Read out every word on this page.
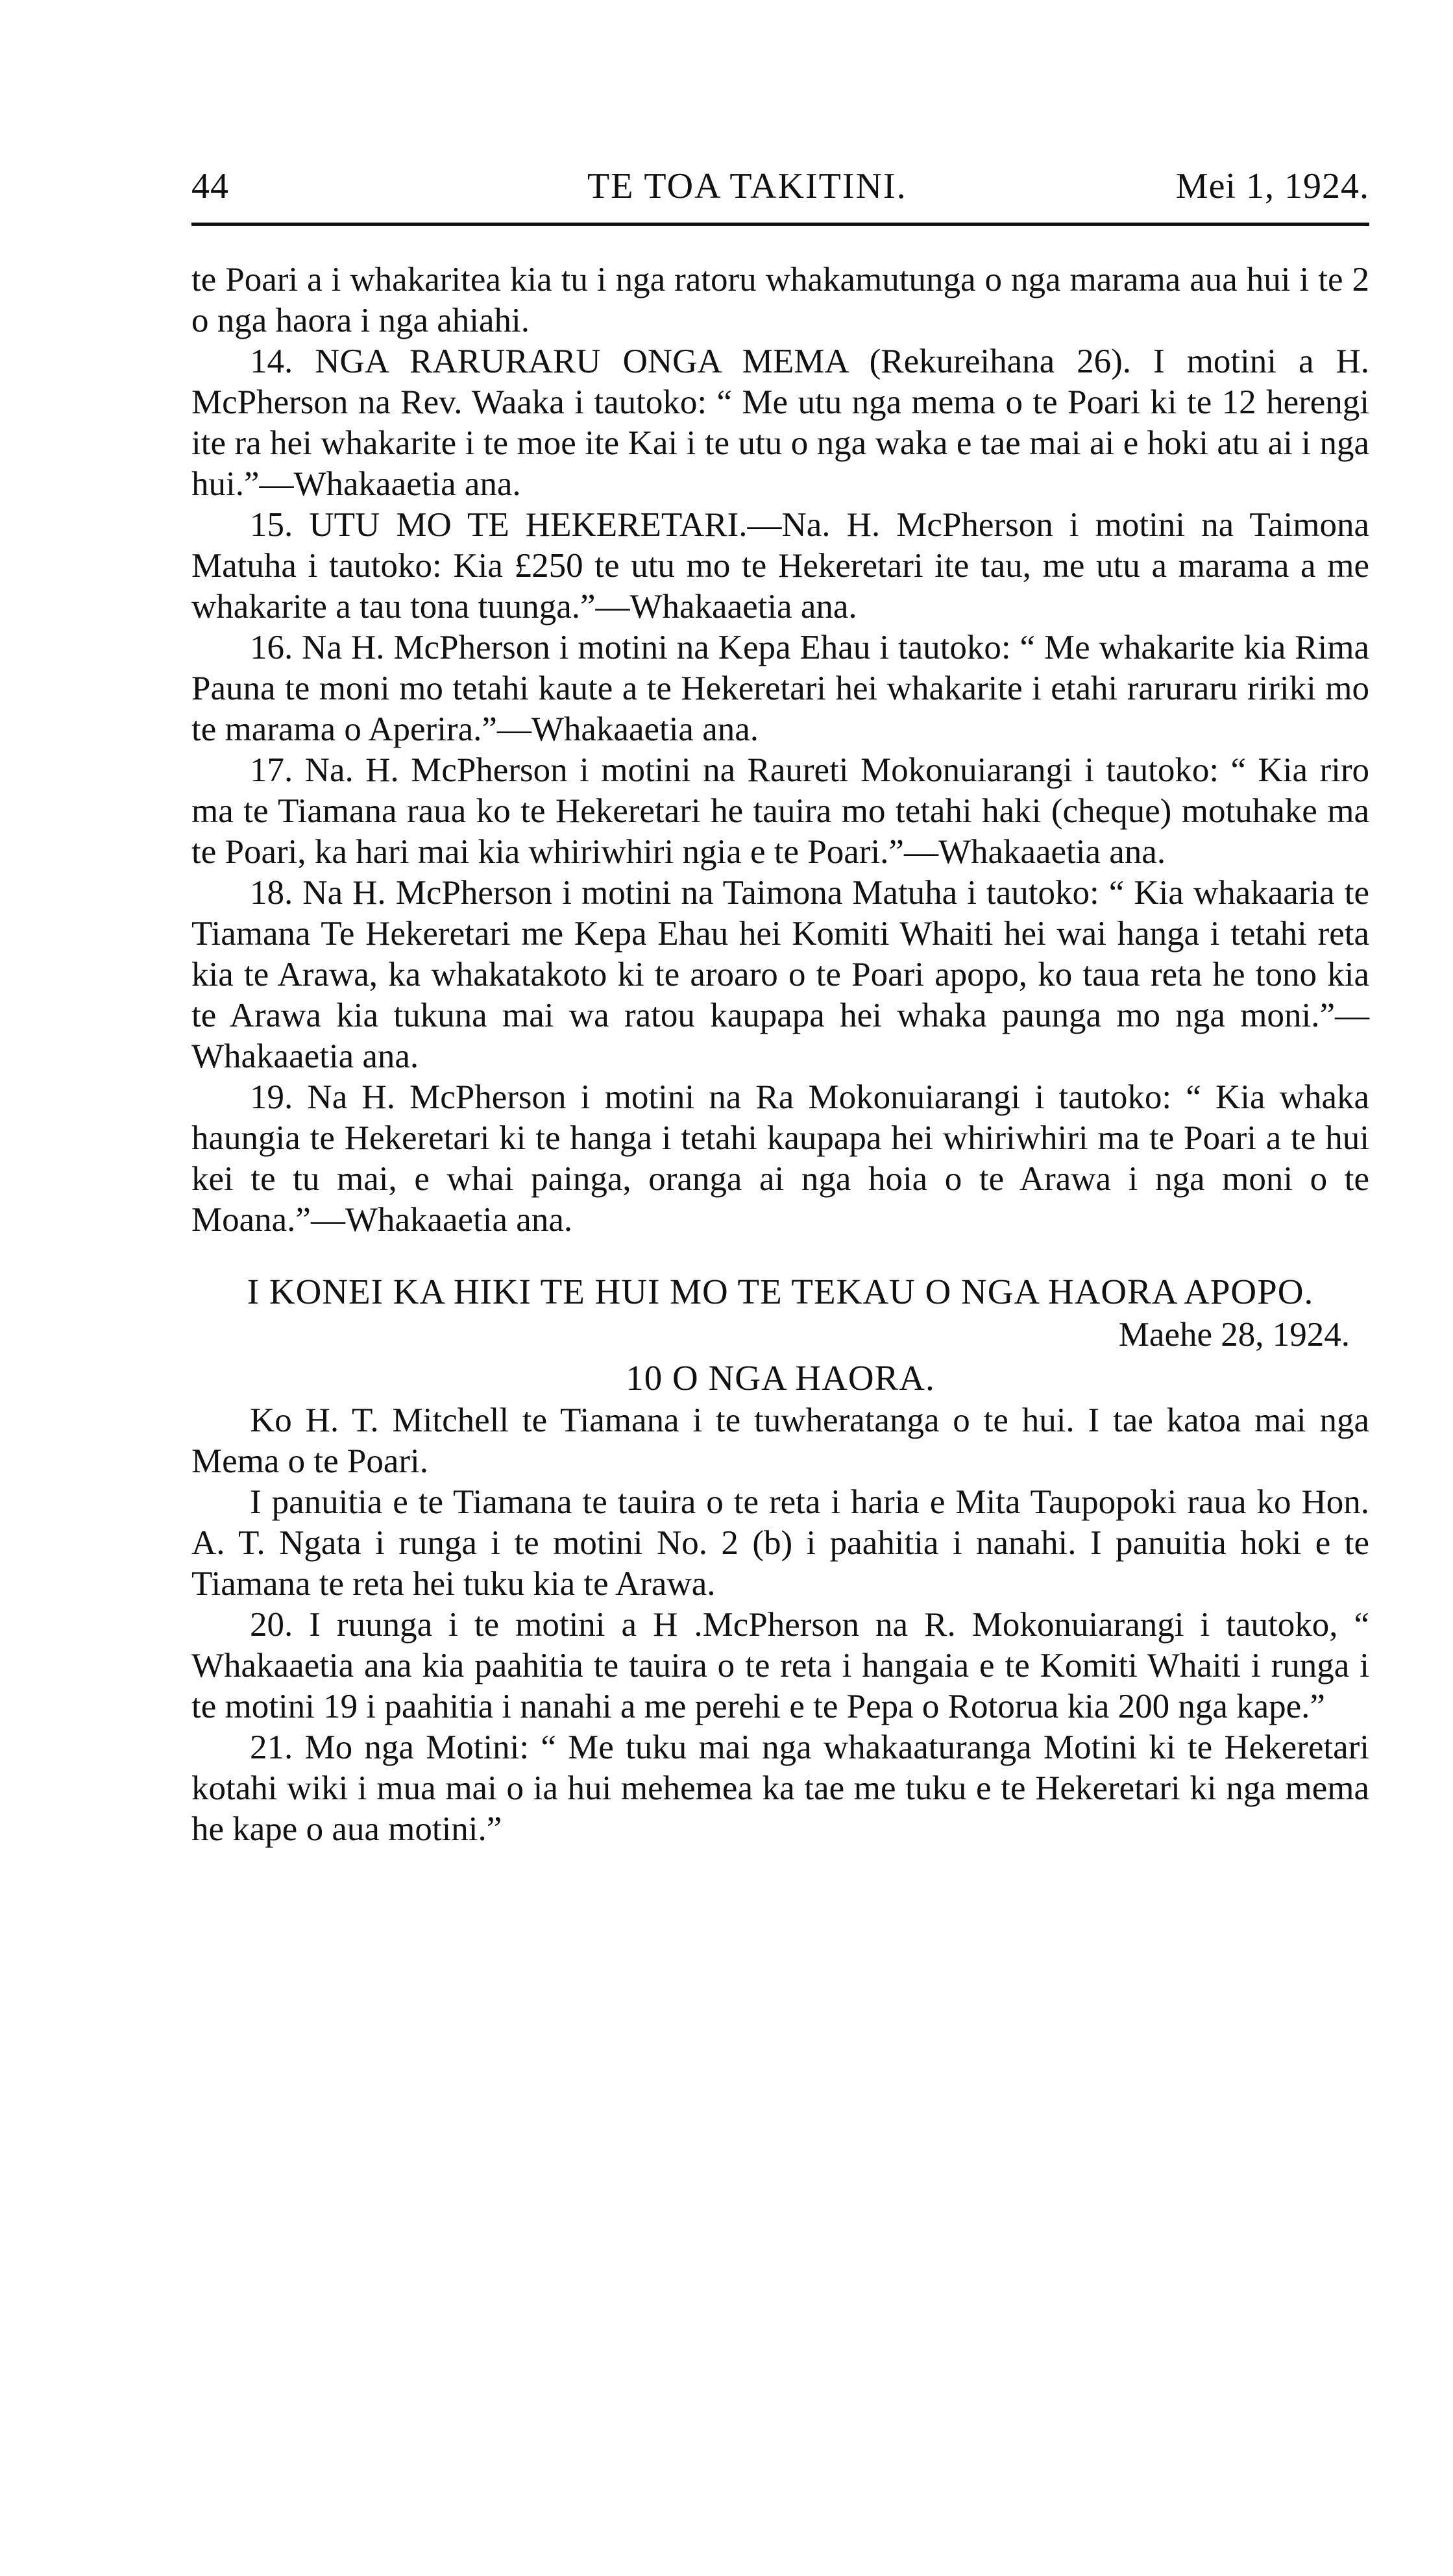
44	TE TOA TAKITINI.	Mei 1, 1924.

te Poari a i whakaritea kia tu i nga ratoru whakamutunga o nga marama aua hui i te 2 o nga haora i nga ahiahi.

14. NGA RARURARU ONGA MEMA (Rekureihana 26). I motini a H. McPherson na Rev. Waaka i tautoko: “ Me utu nga mema o te Poari ki te 12 herengi ite ra hei whakarite i te moe ite Kai i te utu o nga waka e tae mai ai e hoki atu ai i nga hui.”—Whakaaetia ana.

15. UTU MO TE HEKERETARI.—Na. H. McPherson i motini na Taimona Matuha i tautoko: Kia £250 te utu mo te Hekeretari ite tau, me utu a marama a me whakarite a tau tona tuunga.”—Whakaaetia ana.

16. Na H. McPherson i motini na Kepa Ehau i tautoko: “ Me whakarite kia Rima Pauna te moni mo tetahi kaute a te Hekeretari hei whakarite i etahi raruraru ririki mo te marama o Aperira.”—Whakaaetia ana.

17. Na. H. McPherson i motini na Raureti Mokonuiarangi i tautoko: “ Kia riro ma te Tiamana raua ko te Hekeretari he tauira mo tetahi haki (cheque) motuhake ma te Poari, ka hari mai kia whiriwhiri ngia e te Poari.”—Whakaaetia ana.

18. Na H. McPherson i motini na Taimona Matuha i tautoko: “ Kia whakaaria te Tiamana Te Hekeretari me Kepa Ehau hei Komiti Whaiti hei wai hanga i tetahi reta kia te Arawa, ka whakatakoto ki te aroaro o te Poari apopo, ko taua reta he tono kia te Arawa kia tukuna mai wa ratou kaupapa hei whaka paunga mo nga moni.”—Whakaaetia ana.

19. Na H. McPherson i motini na Ra Mokonuiarangi i tautoko: “ Kia whaka haungia te Hekeretari ki te hanga i tetahi kaupapa hei whiriwhiri ma te Poari a te hui kei te tu mai, e whai painga, oranga ai nga hoia o te Arawa i nga moni o te Moana.”—Whakaaetia ana.

I KONEI KA HIKI TE HUI MO TE TEKAU O NGA HAORA APOPO.
Maehe 28, 1924.
10 O NGA HAORA.

Ko H. T. Mitchell te Tiamana i te tuwheratanga o te hui. I tae katoa mai nga Mema o te Poari.

I panuitia e te Tiamana te tauira o te reta i haria e Mita Taupopoki raua ko Hon. A. T. Ngata i runga i te motini No. 2 (b) i paahitia i nanahi. I panuitia hoki e te Tiamana te reta hei tuku kia te Arawa.

20. I ruunga i te motini a H .McPherson na R. Mokonuiarangi i tautoko, “ Whakaaetia ana kia paahitia te tauira o te reta i hangaia e te Komiti Whaiti i runga i te motini 19 i paahitia i nanahi a me perehi e te Pepa o Rotorua kia 200 nga kape.”

21. Mo nga Motini: “ Me tuku mai nga whakaaturanga Motini ki te Hekeretari kotahi wiki i mua mai o ia hui mehemea ka tae me tuku e te Hekeretari ki nga mema he kape o aua motini.”
